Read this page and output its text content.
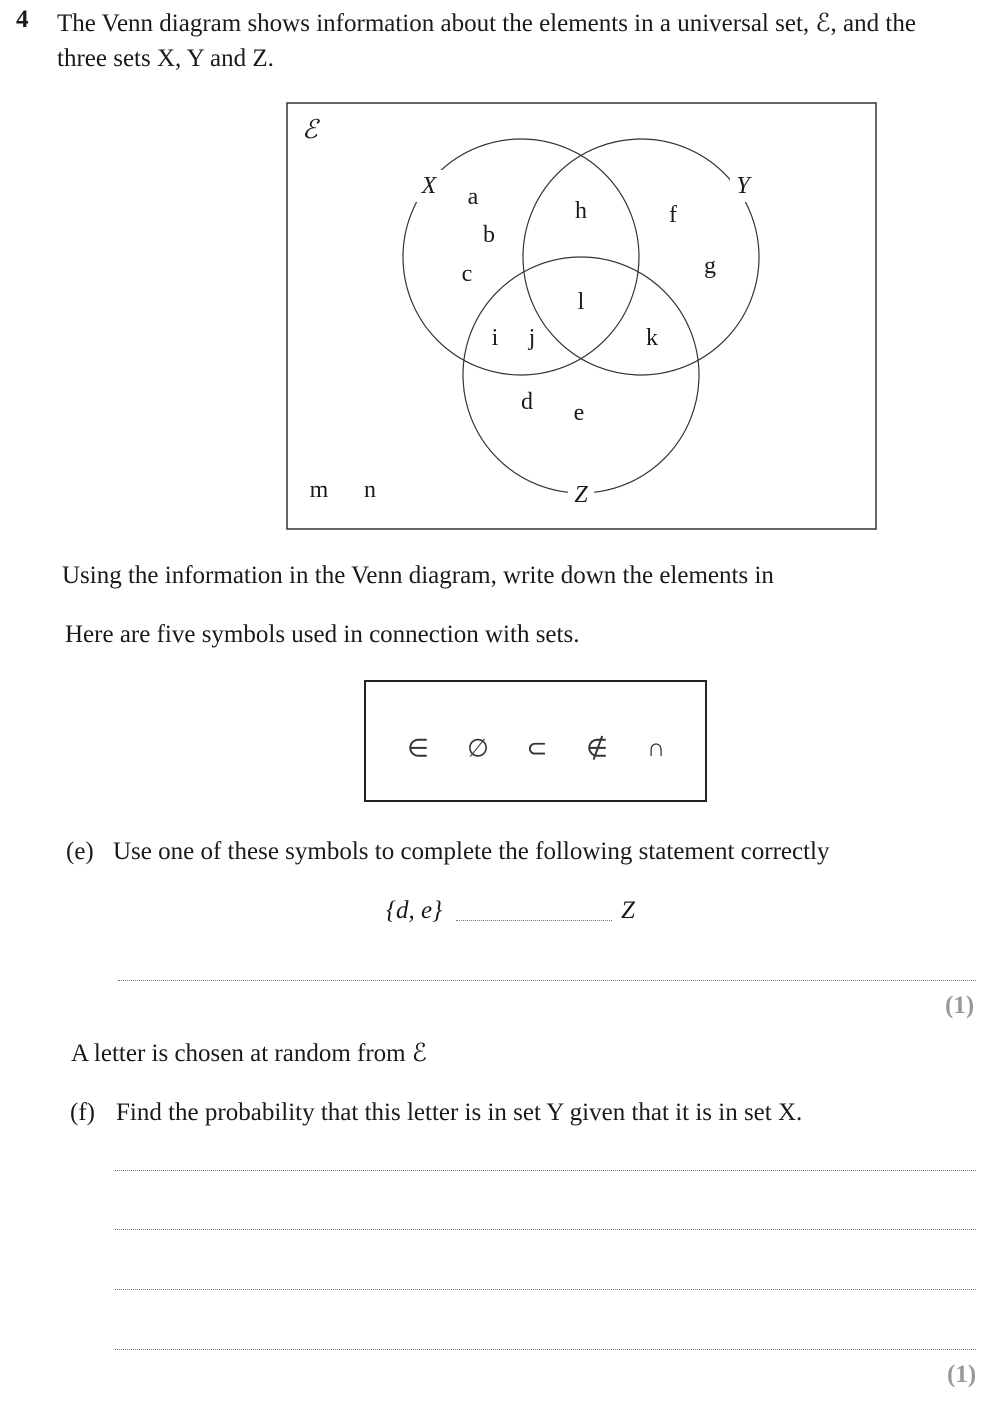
4 The Venn diagram shows information about the elements in a universal set, ℰ, and the
three sets X, Y and Z.
ℰ
X	Y
Z
a
b
c
h	f
g
l
i j	k
d e
m n
Using the information in the Venn diagram, write down the elements in
Here are five symbols used in connection with sets.
∈ ∅ ⊂ ∉ ∩
(e) Use one of these symbols to complete the following statement correctly
{d, e}	Z
(1)
A letter is chosen at random from ℰ
(f) Find the probability that this letter is in set Y given that it is in set X.
(1)
